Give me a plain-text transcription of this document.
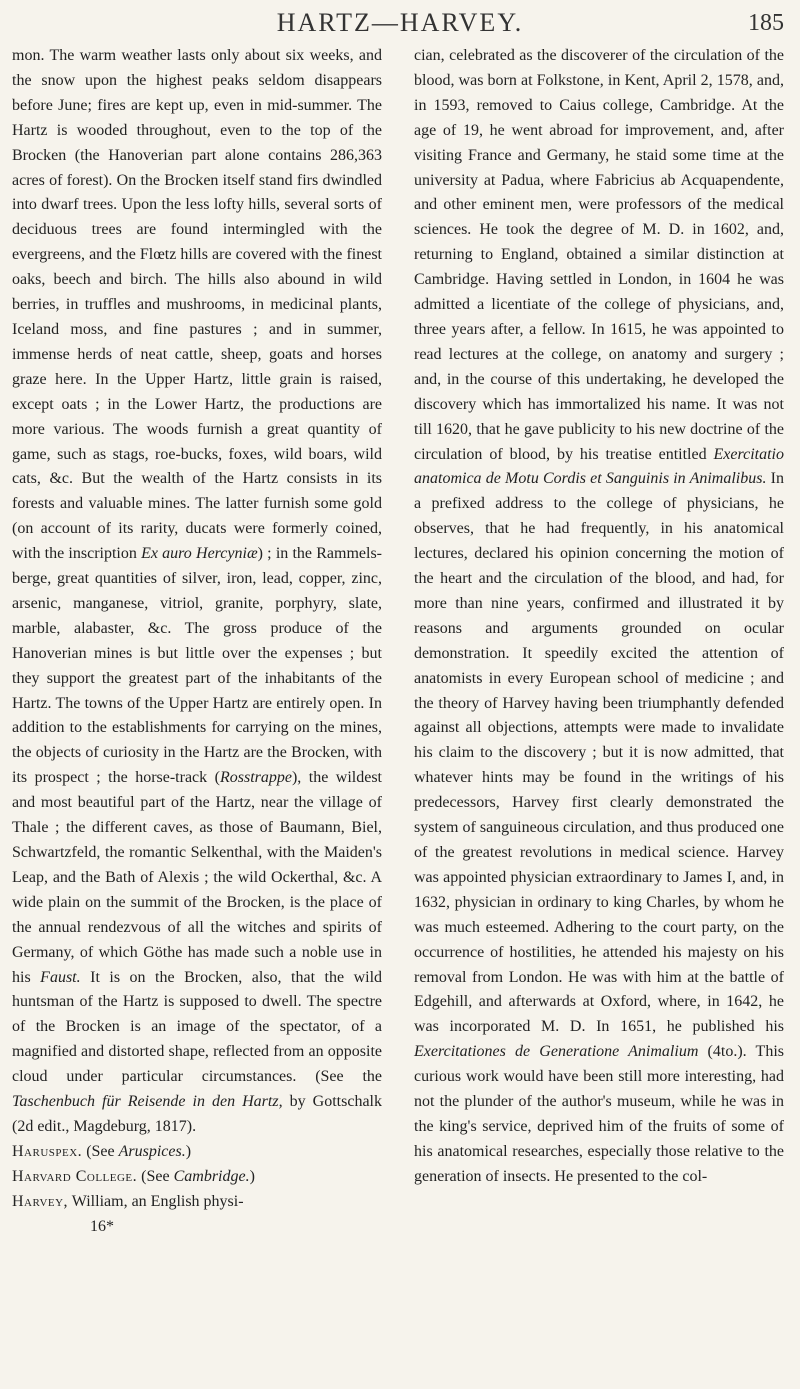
HARTZ—HARVEY.	185

mon. The warm weather lasts only about six weeks, and the snow upon the highest peaks seldom disappears before June; fires are kept up, even in mid-summer. The Hartz is wooded throughout, even to the top of the Brocken (the Hanoverian part alone contains 286,363 acres of forest). On the Brocken itself stand firs dwindled into dwarf trees. Upon the less lofty hills, several sorts of deciduous trees are found intermingled with the evergreens, and the Flœtz hills are covered with the finest oaks, beech and birch. The hills also abound in wild berries, in truffles and mushrooms, in medicinal plants, Iceland moss, and fine pastures ; and in summer, immense herds of neat cattle, sheep, goats and horses graze here. In the Upper Hartz, little grain is raised, except oats ; in the Lower Hartz, the productions are more various. The woods furnish a great quantity of game, such as stags, roe-bucks, foxes, wild boars, wild cats, &c. But the wealth of the Hartz consists in its forests and valuable mines. The latter furnish some gold (on account of its rarity, ducats were formerly coined, with the inscription Ex auro Hercyniæ) ; in the Rammels-berge, great quantities of silver, iron, lead, copper, zinc, arsenic, manganese, vitriol, granite, porphyry, slate, marble, alabaster, &c. The gross produce of the Hanoverian mines is but little over the expenses ; but they support the greatest part of the inhabitants of the Hartz. The towns of the Upper Hartz are entirely open. In addition to the establishments for carrying on the mines, the objects of curiosity in the Hartz are the Brocken, with its prospect ; the horse-track (Rosstrappe), the wildest and most beautiful part of the Hartz, near the village of Thale ; the different caves, as those of Baumann, Biel, Schwartzfeld, the romantic Selkenthal, with the Maiden's Leap, and the Bath of Alexis ; the wild Ockerthal, &c. A wide plain on the summit of the Brocken, is the place of the annual rendezvous of all the witches and spirits of Germany, of which Göthe has made such a noble use in his Faust. It is on the Brocken, also, that the wild huntsman of the Hartz is supposed to dwell. The spectre of the Brocken is an image of the spectator, of a magnified and distorted shape, reflected from an opposite cloud under particular circumstances. (See the Taschenbuch für Reisende in den Hartz, by Gottschalk (2d edit., Magdeburg, 1817).

Haruspex. (See Aruspices.)

Harvard College. (See Cambridge.)

Harvey, William, an English physi-
16*

cian, celebrated as the discoverer of the circulation of the blood, was born at Folkstone, in Kent, April 2, 1578, and, in 1593, removed to Caius college, Cambridge. At the age of 19, he went abroad for improvement, and, after visiting France and Germany, he staid some time at the university at Padua, where Fabricius ab Acquapendente, and other eminent men, were professors of the medical sciences. He took the degree of M. D. in 1602, and, returning to England, obtained a similar distinction at Cambridge. Having settled in London, in 1604 he was admitted a licentiate of the college of physicians, and, three years after, a fellow. In 1615, he was appointed to read lectures at the college, on anatomy and surgery ; and, in the course of this undertaking, he developed the discovery which has immortalized his name. It was not till 1620, that he gave publicity to his new doctrine of the circulation of blood, by his treatise entitled Exercitatio anatomica de Motu Cordis et Sanguinis in Animalibus. In a prefixed address to the college of physicians, he observes, that he had frequently, in his anatomical lectures, declared his opinion concerning the motion of the heart and the circulation of the blood, and had, for more than nine years, confirmed and illustrated it by reasons and arguments grounded on ocular demonstration. It speedily excited the attention of anatomists in every European school of medicine ; and the theory of Harvey having been triumphantly defended against all objections, attempts were made to invalidate his claim to the discovery ; but it is now admitted, that whatever hints may be found in the writings of his predecessors, Harvey first clearly demonstrated the system of sanguineous circulation, and thus produced one of the greatest revolutions in medical science. Harvey was appointed physician extraordinary to James I, and, in 1632, physician in ordinary to king Charles, by whom he was much esteemed. Adhering to the court party, on the occurrence of hostilities, he attended his majesty on his removal from London. He was with him at the battle of Edgehill, and afterwards at Oxford, where, in 1642, he was incorporated M. D. In 1651, he published his Exercitationes de Generatione Animalium (4to.). This curious work would have been still more interesting, had not the plunder of the author's museum, while he was in the king's service, deprived him of the fruits of some of his anatomical researches, especially those relative to the generation of insects. He presented to the col-
